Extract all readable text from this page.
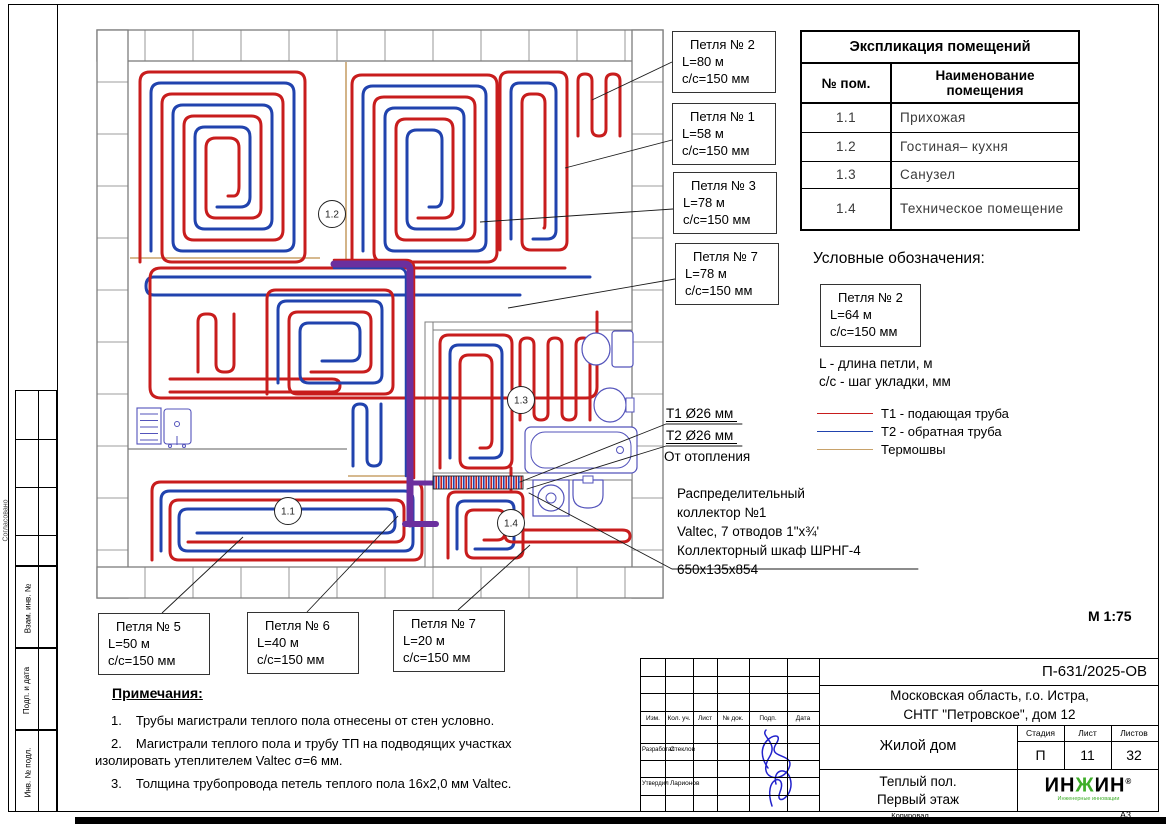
1.2
1.3
1.1
1.4
Согласовано
Взам. инв. №
Подп. и дата
Инв. № подл.
Петля № 2
L=80 м
с/с=150 мм
Петля № 1
L=58 м
с/с=150 мм
Петля № 3
L=78 м
с/с=150 мм
Петля № 7
L=78 м
с/с=150 мм
Экспликация помещений
№ пом.	Наименование
помещения
1.1	Прихожая
1.2	Гостиная– кухня
1.3	Санузел
1.4	Техническое помещение
Условные обозначения:
Петля № 2
L=64 м
с/с=150 мм
L - длина петли, м
с/с - шаг укладки, мм
Т1 - подающая труба
Т2 - обратная труба
Термошвы
Т1 Ø26 мм
Т2 Ø26 мм
От отопления
Распределительный
коллектор №1
Valtec, 7 отводов 1"х¾'
Коллекторный шкаф ШРНГ-4
650х135х854
М 1:75
Петля № 5
L=50 м
с/с=150 мм
Петля № 6
L=40 м
с/с=150 мм
Петля № 7
L=20 м
с/с=150 мм
Примечания:
1. Трубы магистрали теплого пола отнесены от стен условно.
2. Магистрали теплого пола и трубу ТП на подводящих участках
изолировать утеплителем Valtec σ=6 мм.
3. Толщина трубопровода петель теплого пола 16х2,0 мм Valtec.
П-631/2025-ОВ
Московская область, г.о. Истра,
СНТГ "Петровское", дом 12
Жилой дом
Стадия	Лист	Листов
П	11	32
Теплый пол.
Первый этаж
ИНЖИН®
Инженерные инновации
Изм.	Кол. уч.	Лист	№ док.	Подп.	Дата
Разработал
Стеклов
Утвердил Ларионов
Копировал	А3
